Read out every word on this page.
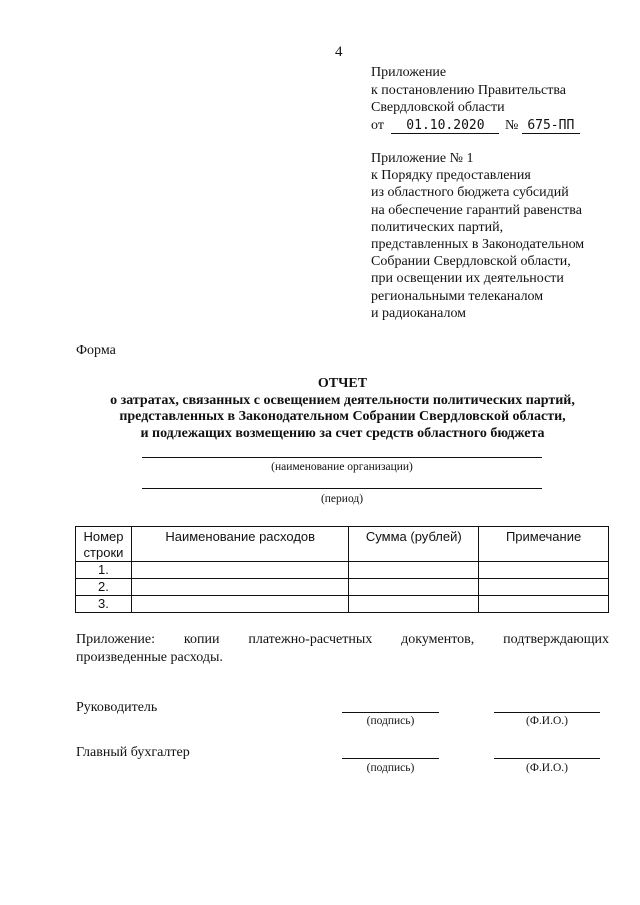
4
Приложение
к постановлению Правительства
Свердловской области
от 01.10.2020 № 675-ПП
Приложение № 1
к Порядку предоставления
из областного бюджета субсидий
на обеспечение гарантий равенства
политических партий,
представленных в Законодательном
Собрании Свердловской области,
при освещении их деятельности
региональными телеканалом
и радиоканалом
Форма
ОТЧЕТ
о затратах, связанных с освещением деятельности политических партий,
представленных в Законодательном Собрании Свердловской области,
и подлежащих возмещению за счет средств областного бюджета
(наименование организации)
(период)
Номер строки	Наименование расходов	Сумма (рублей)	Примечание
1.			
2.			
3.			
Приложение: копии платежно-расчетных документов, подтверждающих
произведенные расходы.
Руководитель
(подпись)	(Ф.И.О.)
Главный бухгалтер
(подпись)	(Ф.И.О.)
